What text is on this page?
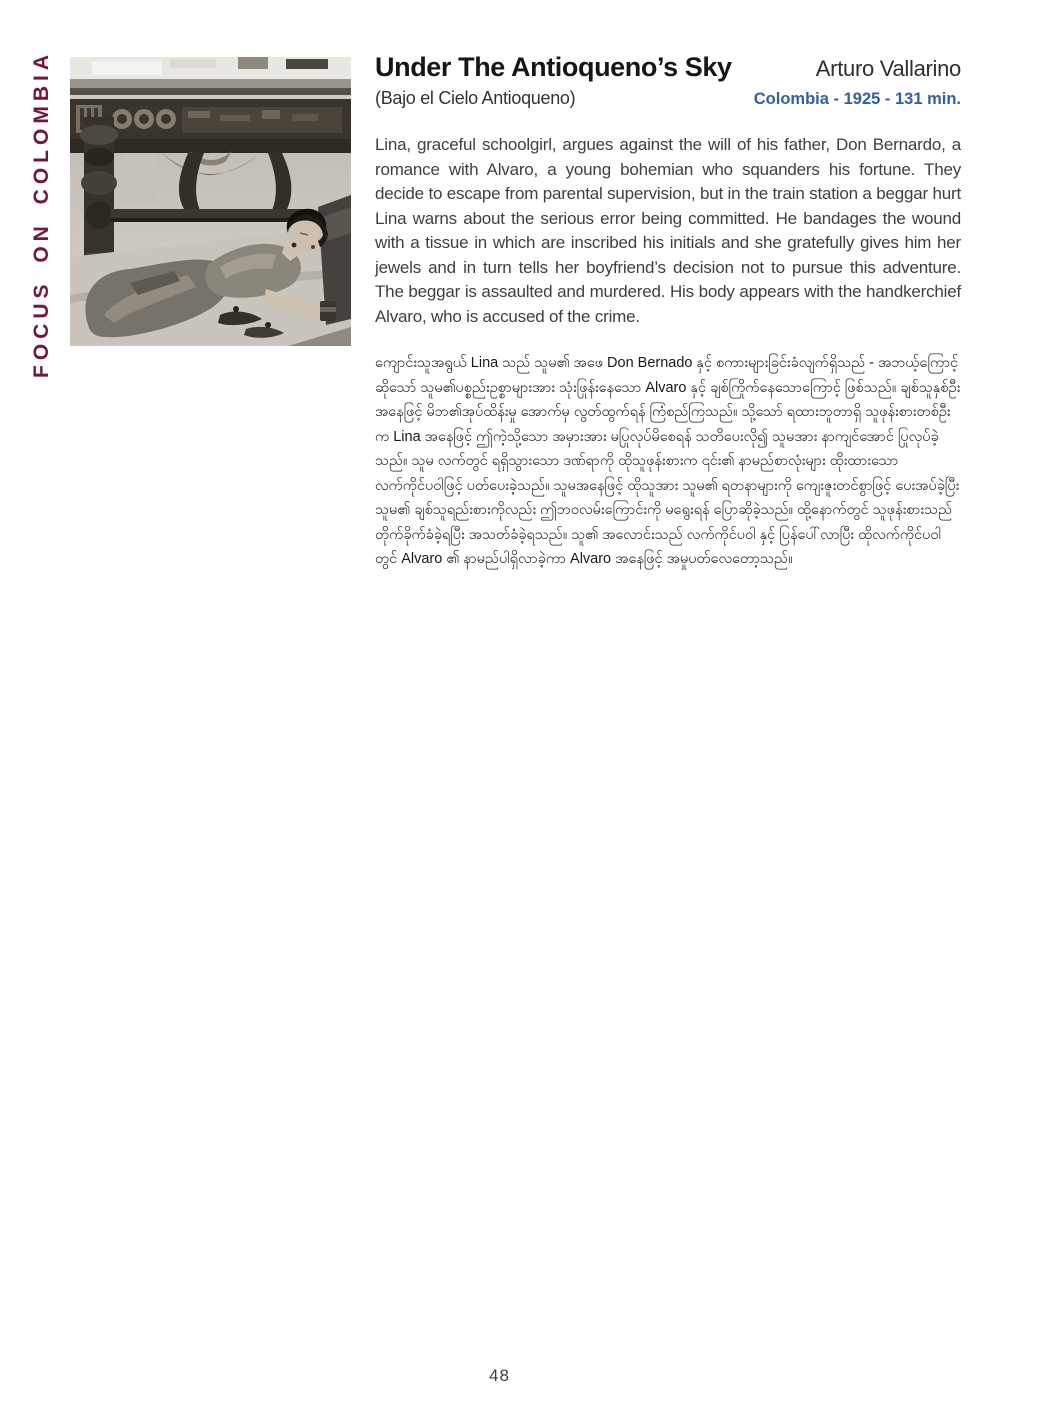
FOCUS ON COLOMBIA	Under The Antioqueno’s Sky	Arturo Vallarino
(Bajo el Cielo Antioqueno)	Colombia - 1925 - 131 min.

Lina, graceful schoolgirl, argues against the will of his father, Don Bernardo, a romance with Alvaro, a young bohemian who squanders his fortune. They decide to escape from parental supervision, but in the train station a beggar hurt Lina warns about the serious error being committed. He bandages the wound with a tissue in which are inscribed his initials and she gratefully gives him her jewels and in turn tells her boyfriend’s decision not to pursue this adventure. The beggar is assaulted and murdered. His body appears with the handkerchief Alvaro, who is accused of the crime.

ကျောင်းသူအရွယ် Lina သည် သူမ၏ အဖေ Don Bernado နှင့် စကားများခြင်းခံလျက်ရှိသည် - အဘယ့်ကြောင့်ဆိုသော် သူမ၏ပစ္စည်းဥစ္စာများအား သုံးဖြုန်းနေသော Alvaro နှင့် ချစ်ကြိုက်နေသောကြောင့် ဖြစ်သည်။ ချစ်သူနှစ်ဦးအနေဖြင့် မိဘ၏အုပ်ထိန်းမှု အောက်မှ လွတ်ထွက်ရန် ကြံစည်ကြသည်။ သို့သော် ရထားဘူတာရှိ သူဖုန်းစားတစ်ဦးက Lina အနေဖြင့် ဤကဲ့သို့သော အမှားအား မပြုလုပ်မိစေရန် သတိပေးလို၍ သူမအား နာကျင်အောင် ပြုလုပ်ခဲ့သည်။ သူမ လက်တွင် ရရှိသွားသော ဒဏ်ရာကို ထိုသူဖုန်းစားက ၎င်း၏ နာမည်စာလုံးများ ထိုးထားသော လက်ကိုင်ပဝါဖြင့် ပတ်ပေးခဲ့သည်။ သူမအနေဖြင့် ထိုသူအား သူမ၏ ရတနာများကို ကျေးဇူးတင်စွာဖြင့် ပေးအပ်ခဲ့ပြီး သူမ၏ ချစ်သူရည်းစားကိုလည်း ဤဘဝလမ်းကြောင်းကို မရွေးရန် ပြောဆိုခဲ့သည်။ ထို့နောက်တွင် သူဖုန်းစားသည် တိုက်ခိုက်ခံခဲ့ရပြီး အသတ်ခံခဲ့ရသည်။ သူ၏ အလောင်းသည် လက်ကိုင်ပဝါ နှင့် ပြန်ပေါ်လာပြီး ထိုလက်ကိုင်ပဝါတွင် Alvaro ၏ နာမည်ပါရှိလာခဲ့ကာ Alvaro အနေဖြင့် အမှုပတ်လေတော့သည်။

48
